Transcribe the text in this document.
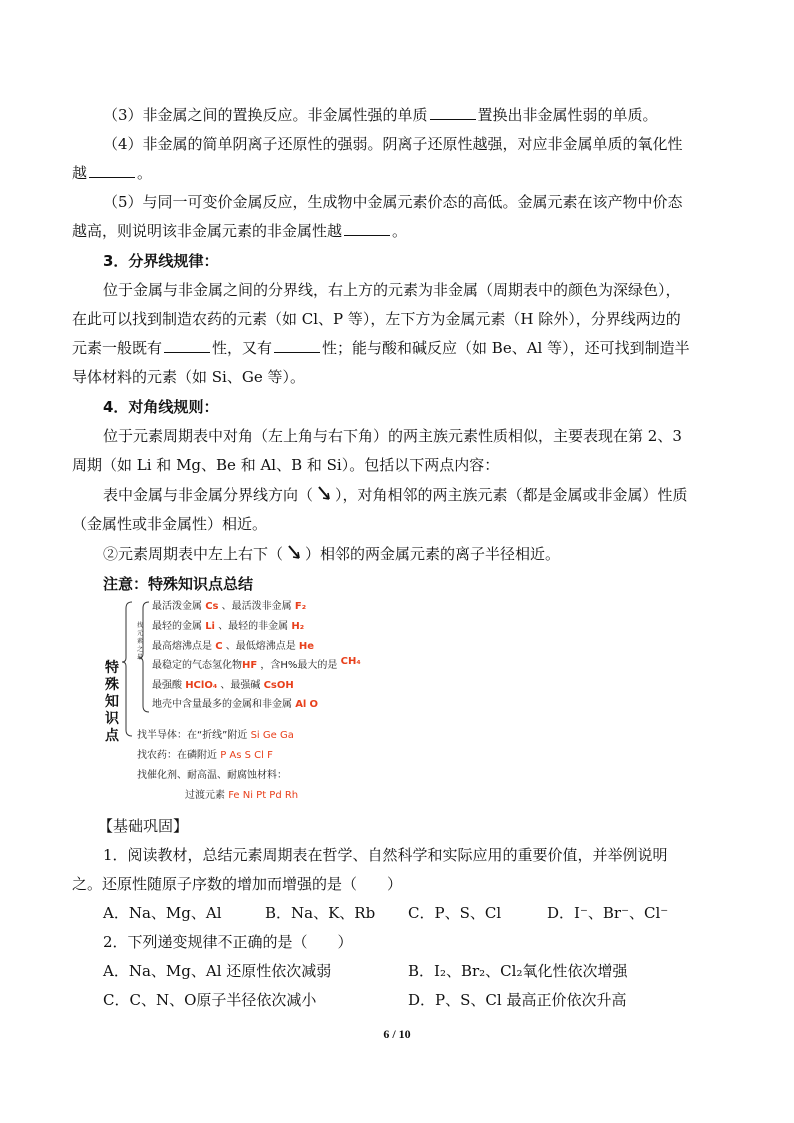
（3）非金属之间的置换反应。非金属性强的单质	置换出非金属性弱的单质。
（4）非金属的简单阴离子还原性的强弱。阴离子还原性越强，对应非金属单质的氧化性
越	。
（5）与同一可变价金属反应，生成物中金属元素价态的高低。金属元素在该产物中价态
越高，则说明该非金属元素的非金属性越	。
3．分界线规律：
位于金属与非金属之间的分界线，右上方的元素为非金属（周期表中的颜色为深绿色），
在此可以找到制造农药的元素（如 Cl、P 等），左下方为金属元素（H 除外），分界线两边的
元素一般既有	性，又有	性；能与酸和碱反应（如 Be、Al 等），还可找到制造半
导体材料的元素（如 Si、Ge 等）。
4．对角线规则：
位于元素周期表中对角（左上角与右下角）的两主族元素性质相似，主要表现在第 2、3
周期（如 Li 和 Mg、Be 和 Al、B 和 Si）。包括以下两点内容：
表中金属与非金属分界线方向（ ），对角相邻的两主族元素（都是金属或非金属）性质
（金属性或非金属性）相近。
②元素周期表中左上右下（ ）相邻的两金属元素的离子半径相近。
注意：特殊知识点总结
特
殊
知
识
点
找
元
素
之
最
最活泼金属 Cs 、最活泼非金属 F₂
最轻的金属 Li 、最轻的非金属 H₂
最高熔沸点是 C 、最低熔沸点是 He
最稳定的气态氢化物HF ，含H%最大的是 CH₄
最强酸 HClO₄ 、最强碱 CsOH
地壳中含量最多的金属和非金属 Al O
找半导体：在“折线”附近 Si Ge Ga
找农药：在磷附近 P As S Cl F
找催化剂、耐高温、耐腐蚀材料：
过渡元素 Fe Ni Pt Pd Rh
【基础巩固】
1．阅读教材，总结元素周期表在哲学、自然科学和实际应用的重要价值，并举例说明
之。还原性随原子序数的增加而增强的是（　　）
A．Na、Mg、Al	B．Na、K、Rb C．P、S、Cl	D．I⁻、Br⁻、Cl⁻
2．下列递变规律不正确的是（　　）
A．Na、Mg、Al 还原性依次减弱	B．I₂、Br₂、Cl₂氧化性依次增强
C．C、N、O原子半径依次减小	D．P、S、Cl 最高正价依次升高
6 / 10
